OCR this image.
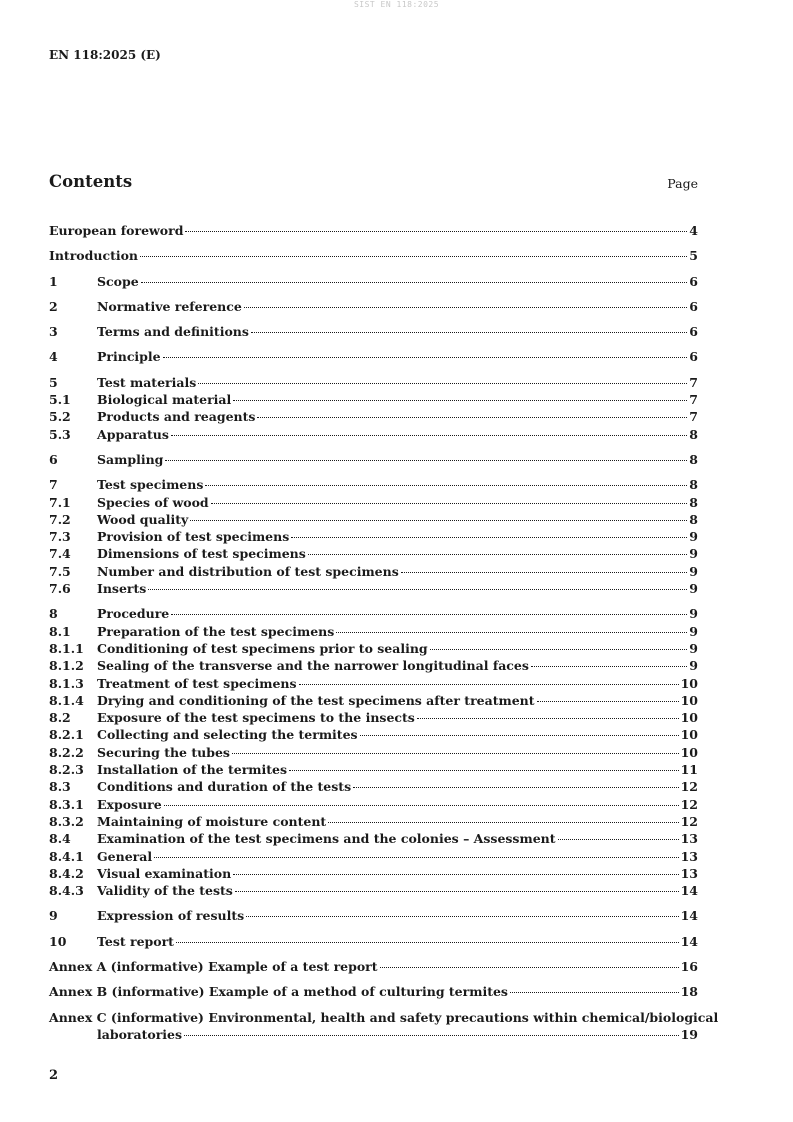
SIST EN 118:2025
EN 118:2025 (E)
Contents	Page
European foreword	4
Introduction	5
1	Scope	6
2	Normative reference	6
3	Terms and definitions	6
4	Principle	6
5	Test materials	7
5.1	Biological material	7
5.2	Products and reagents	7
5.3	Apparatus	8
6	Sampling	8
7	Test specimens	8
7.1	Species of wood	8
7.2	Wood quality	8
7.3	Provision of test specimens	9
7.4	Dimensions of test specimens	9
7.5	Number and distribution of test specimens	9
7.6	Inserts	9
8	Procedure	9
8.1	Preparation of the test specimens	9
8.1.1	Conditioning of test specimens prior to sealing	9
8.1.2	Sealing of the transverse and the narrower longitudinal faces	9
8.1.3	Treatment of test specimens	10
8.1.4	Drying and conditioning of the test specimens after treatment	10
8.2	Exposure of the test specimens to the insects	10
8.2.1	Collecting and selecting the termites	10
8.2.2	Securing the tubes	10
8.2.3	Installation of the termites	11
8.3	Conditions and duration of the tests	12
8.3.1	Exposure	12
8.3.2	Maintaining of moisture content	12
8.4	Examination of the test specimens and the colonies – Assessment	13
8.4.1	General	13
8.4.2	Visual examination	13
8.4.3	Validity of the tests	14
9	Expression of results	14
10	Test report	14
Annex A (informative) Example of a test report	16
Annex B (informative) Example of a method of culturing termites	18
Annex C (informative) Environmental, health and safety precautions within chemical/biological
laboratories	19
2
